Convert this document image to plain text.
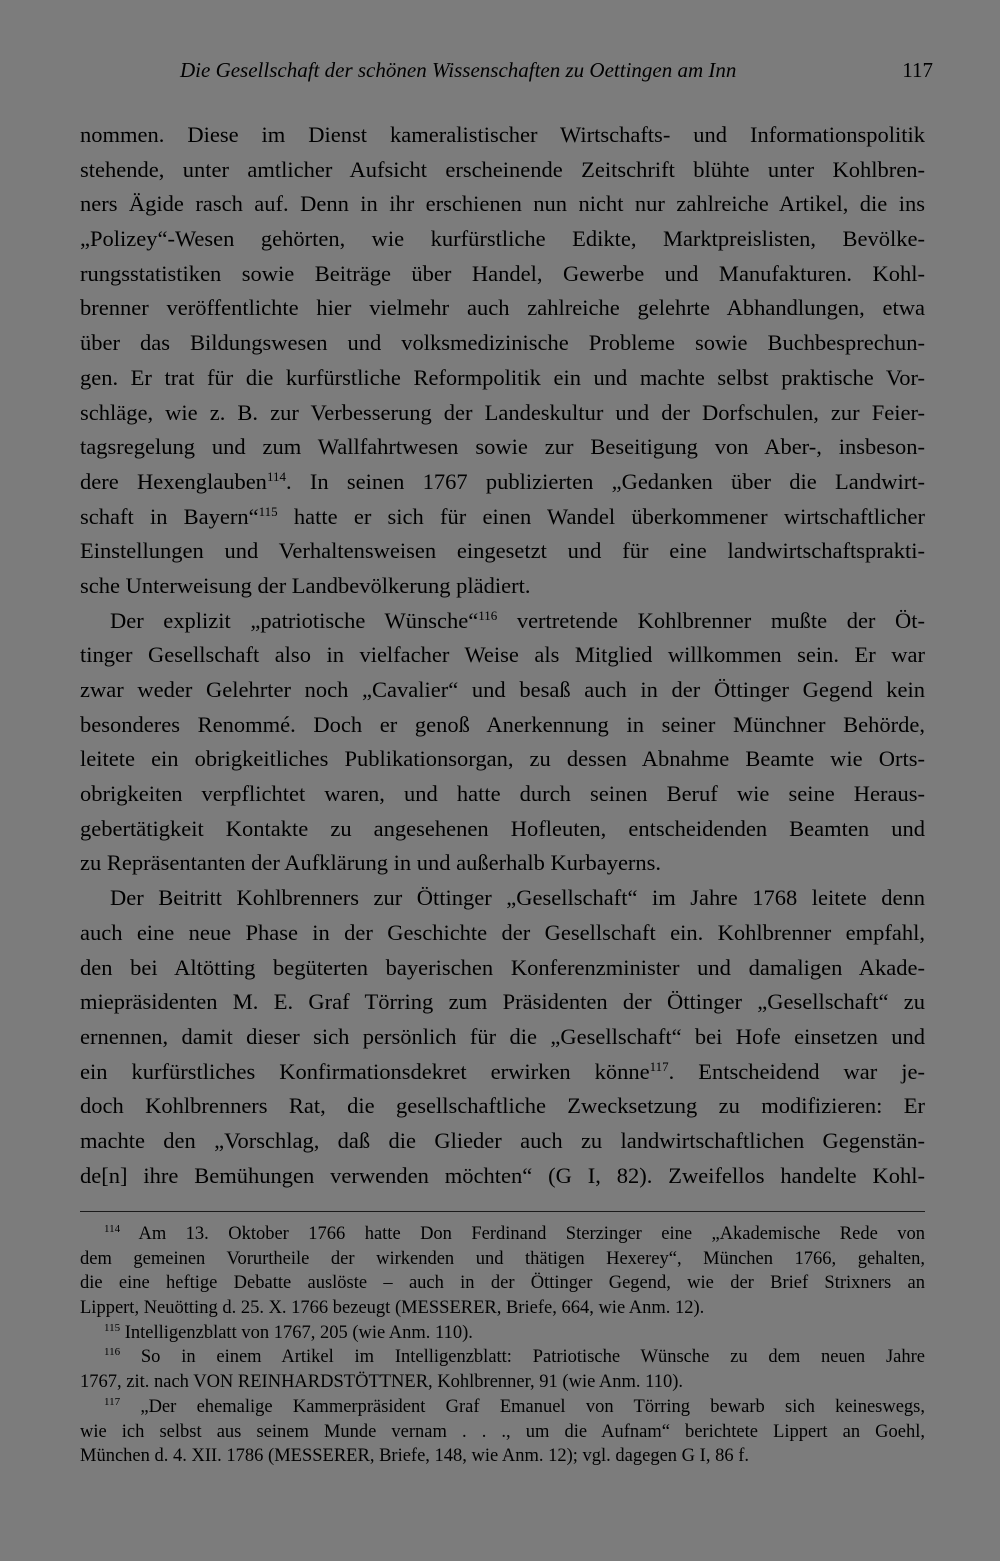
Die Gesellschaft der schönen Wissenschaften zu Oettingen am Inn	117
nommen. Diese im Dienst kameralistischer Wirtschafts- und Informationspolitik
stehende, unter amtlicher Aufsicht erscheinende Zeitschrift blühte unter Kohlbren-
ners Ägide rasch auf. Denn in ihr erschienen nun nicht nur zahlreiche Artikel, die ins
„Polizey“-Wesen gehörten, wie kurfürstliche Edikte, Marktpreislisten, Bevölke-
rungsstatistiken sowie Beiträge über Handel, Gewerbe und Manufakturen. Kohl-
brenner veröffentlichte hier vielmehr auch zahlreiche gelehrte Abhandlungen, etwa
über das Bildungswesen und volksmedizinische Probleme sowie Buchbesprechun-
gen. Er trat für die kurfürstliche Reformpolitik ein und machte selbst praktische Vor-
schläge, wie z. B. zur Verbesserung der Landeskultur und der Dorfschulen, zur Feier-
tagsregelung und zum Wallfahrtwesen sowie zur Beseitigung von Aber-, insbeson-
dere Hexenglauben$^{114}$. In seinen 1767 publizierten „Gedanken über die Landwirt-
schaft in Bayern“$^{115}$ hatte er sich für einen Wandel überkommener wirtschaftlicher
Einstellungen und Verhaltensweisen eingesetzt und für eine landwirtschaftsprakti-
sche Unterweisung der Landbevölkerung plädiert.
Der explizit „patriotische Wünsche“$^{116}$ vertretende Kohlbrenner mußte der Öt-
tinger Gesellschaft also in vielfacher Weise als Mitglied willkommen sein. Er war
zwar weder Gelehrter noch „Cavalier“ und besaß auch in der Öttinger Gegend kein
besonderes Renommé. Doch er genoß Anerkennung in seiner Münchner Behörde,
leitete ein obrigkeitliches Publikationsorgan, zu dessen Abnahme Beamte wie Orts-
obrigkeiten verpflichtet waren, und hatte durch seinen Beruf wie seine Heraus-
gebertätigkeit Kontakte zu angesehenen Hofleuten, entscheidenden Beamten und
zu Repräsentanten der Aufklärung in und außerhalb Kurbayerns.
Der Beitritt Kohlbrenners zur Öttinger „Gesellschaft“ im Jahre 1768 leitete denn
auch eine neue Phase in der Geschichte der Gesellschaft ein. Kohlbrenner empfahl,
den bei Altötting begüterten bayerischen Konferenzminister und damaligen Akade-
miepräsidenten M. E. Graf Törring zum Präsidenten der Öttinger „Gesellschaft“ zu
ernennen, damit dieser sich persönlich für die „Gesellschaft“ bei Hofe einsetzen und
ein kurfürstliches Konfirmationsdekret erwirken könne$^{117}$. Entscheidend war je-
doch Kohlbrenners Rat, die gesellschaftliche Zwecksetzung zu modifizieren: Er
machte den „Vorschlag, daß die Glieder auch zu landwirtschaftlichen Gegenstän-
de[n] ihre Bemühungen verwenden möchten“ (G I, 82). Zweifellos handelte Kohl-
$^{114}$ Am 13. Oktober 1766 hatte Don Ferdinand Sterzinger eine „Akademische Rede von
dem gemeinen Vorurtheile der wirkenden und thätigen Hexerey“, München 1766, gehalten,
die eine heftige Debatte auslöste – auch in der Öttinger Gegend, wie der Brief Strixners an
Lippert, Neuötting d. 25. X. 1766 bezeugt (MESSERER, Briefe, 664, wie Anm. 12).
$^{115}$ Intelligenzblatt von 1767, 205 (wie Anm. 110).
$^{116}$ So in einem Artikel im Intelligenzblatt: Patriotische Wünsche zu dem neuen Jahre
1767, zit. nach VON REINHARDSTÖTTNER, Kohlbrenner, 91 (wie Anm. 110).
$^{117}$ „Der ehemalige Kammerpräsident Graf Emanuel von Törring bewarb sich keineswegs,
wie ich selbst aus seinem Munde vernam . . ., um die Aufnam“ berichtete Lippert an Goehl,
München d. 4. XII. 1786 (MESSERER, Briefe, 148, wie Anm. 12); vgl. dagegen G I, 86 f.
